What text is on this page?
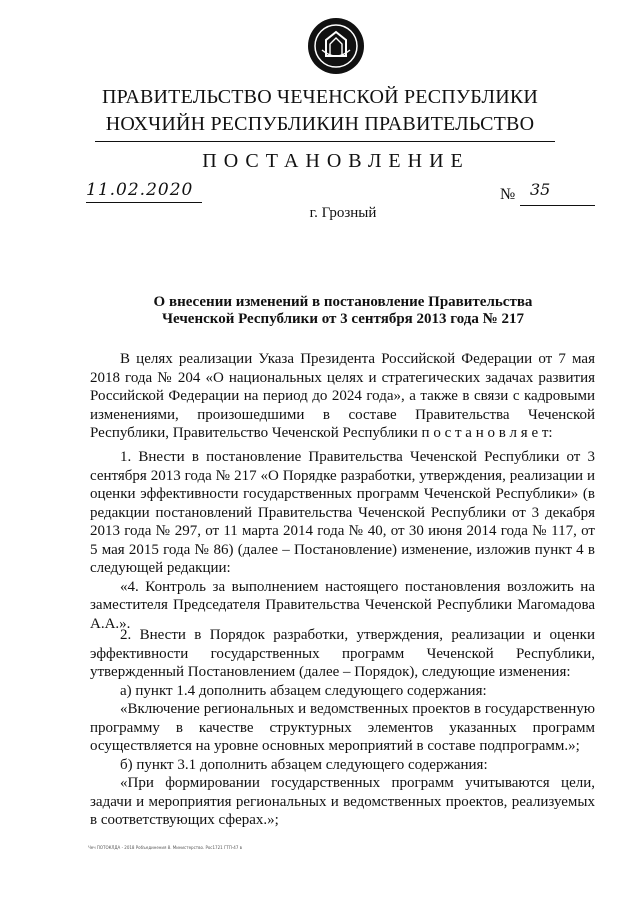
ПРАВИТЕЛЬСТВО ЧЕЧЕНСКОЙ РЕСПУБЛИКИ
НОХЧИЙН РЕСПУБЛИКИН ПРАВИТЕЛЬСТВО
ПОСТАНОВЛЕНИЕ
11.02.2020	№ 35
г. Грозный
О внесении изменений в постановление Правительства
Чеченской Республики от 3 сентября 2013 года № 217

В целях реализации Указа Президента Российской Федерации от 7 мая 2018 года № 204 «О национальных целях и стратегических задачах развития Российской Федерации на период до 2024 года», а также в связи с кадровыми изменениями, произошедшими в составе Правительства Чеченской Республики, Правительство Чеченской Республики п о с т а н о в л я е т:

1. Внести в постановление Правительства Чеченской Республики от 3 сентября 2013 года № 217 «О Порядке разработки, утверждения, реализации и оценки эффективности государственных программ Чеченской Республики» (в редакции постановлений Правительства Чеченской Республики от 3 декабря 2013 года № 297, от 11 марта 2014 года № 40, от 30 июня 2014 года № 117, от 5 мая 2015 года № 86) (далее – Постановление) изменение, изложив пункт 4 в следующей редакции:

«4. Контроль за выполнением настоящего постановления возложить на заместителя Председателя Правительства Чеченской Республики Магомадова А.А.».

2. Внести в Порядок разработки, утверждения, реализации и оценки эффективности государственных программ Чеченской Республики, утвержденный Постановлением (далее – Порядок), следующие изменения:

а) пункт 1.4 дополнить абзацем следующего содержания:

«Включение региональных и ведомственных проектов в государственную программу в качестве структурных элементов указанных программ осуществляется на уровне основных мероприятий в составе подпрограмм.»;

б) пункт 3.1 дополнить абзацем следующего содержания:

«При формировании государственных программ учитываются цели, задачи и мероприятия региональных и ведомственных проектов, реализуемых в соответствующих сферах.»;

Чеч ПОТОКЛДА - 2018 Pобъединения 8. Министерство. Рос1721 ГТП-47 в
